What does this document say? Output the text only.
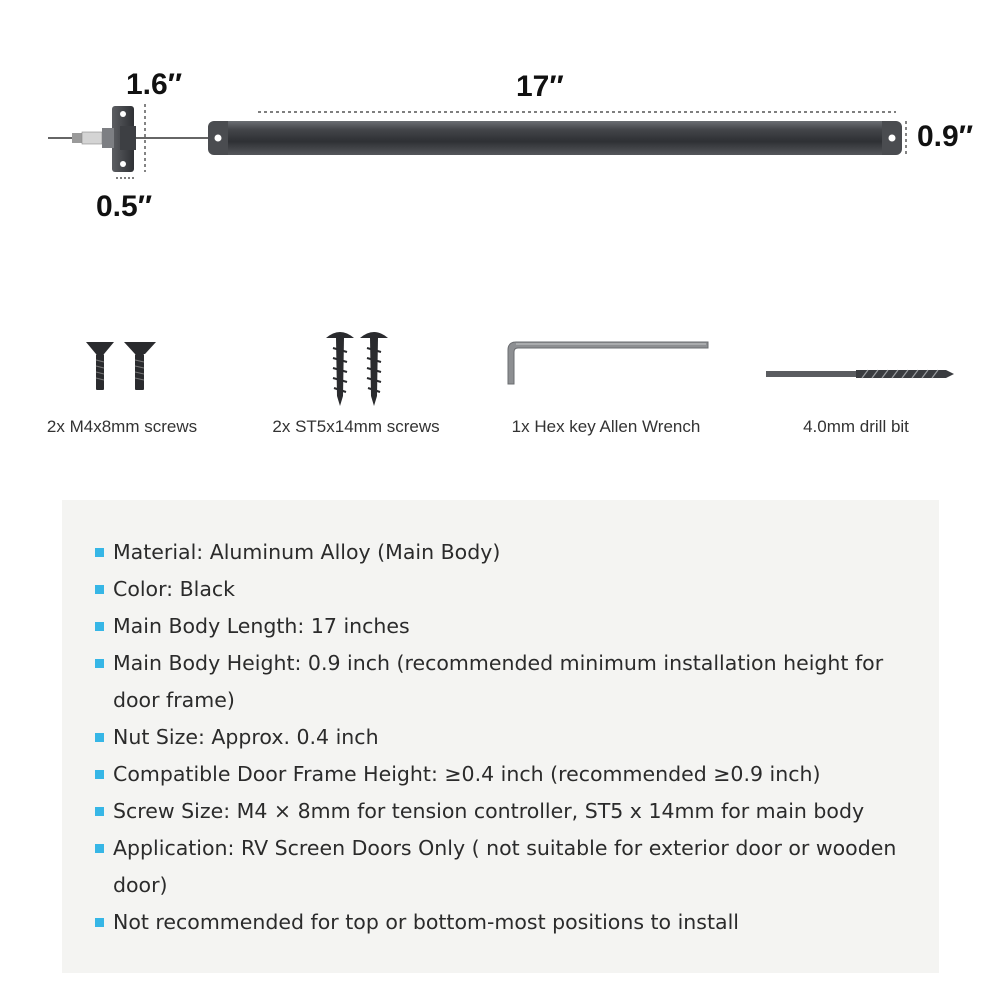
17″
0.9″
1.6″
0.5″
2x M4x8mm screws	2x ST5x14mm screws	1x Hex key Allen Wrench	4.0mm drill bit
Material: Aluminum Alloy (Main Body)
Color: Black
Main Body Length: 17 inches
Main Body Height: 0.9 inch (recommended minimum installation height for door frame)
Nut Size: Approx. 0.4 inch
Compatible Door Frame Height: ≥0.4 inch (recommended ≥0.9 inch)
Screw Size: M4 × 8mm for tension controller, ST5 x 14mm for main body
Application: RV Screen Doors Only ( not suitable for exterior door or wooden door)
Not recommended for top or bottom-most positions to install
